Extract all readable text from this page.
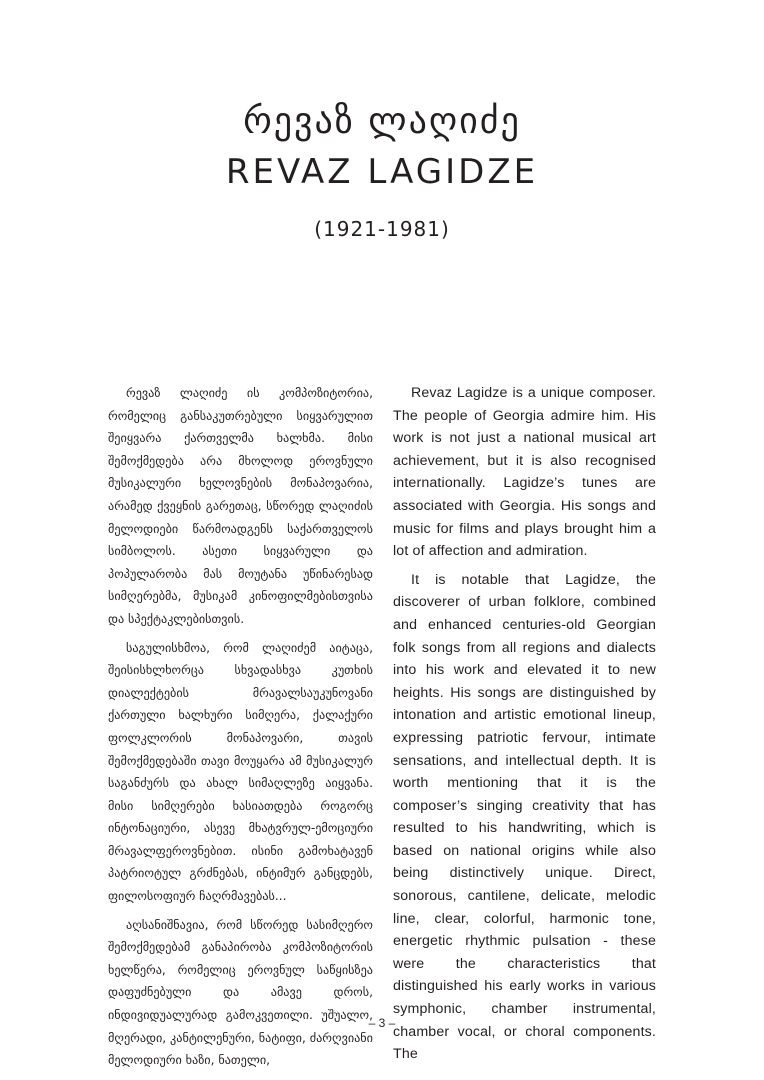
რევაზ ლაღიძე
REVAZ LAGIDZE
(1921-1981)

რევაზ ლაღიძე ის კომპოზიტორია, რომელიც განსაკუთრებული სიყვარულით შეიყვარა ქართველმა ხალხმა. მისი შემოქმედება არა მხოლოდ ეროვნული მუსიკალური ხელოვნების მონაპოვარია, არამედ ქვეყნის გარეთაც, სწორედ ლაღიძის მელოდიები წარმოადგენს საქართველოს სიმბოლოს. ასეთი სიყვარული და პოპულარობა მას მოუტანა უწინარესად სიმღერებმა, მუსიკამ კინოფილმებისთვისა და სპექტაკლებისთვის.

საგულისხმოა, რომ ლაღიძემ აიტაცა, შეისისხლხორცა სხვადასხვა კუთხის დიალექტების მრავალსაუკუნოვანი ქართული ხალხური სიმღერა, ქალაქური ფოლკლორის მონაპოვარი, თავის შემოქმედებაში თავი მოუყარა ამ მუსიკალურ საგანძურს და ახალ სიმაღლეზე აიყვანა. მისი სიმღერები ხასიათდება როგორც ინტონაციური, ასევე მხატვრულ-ემოციური მრავალფეროვნებით. ისინი გამოხატავენ პატრიოტულ გრძნებას, ინტიმურ განცდებს, ფილოსოფიურ ჩაღრმავებას...

აღსანიშნავია, რომ სწორედ სასიმღერო შემოქმედებამ განაპირობა კომპოზიტორის ხელწერა, რომელიც ეროვნულ საწყისზეა დაფუძნებული და ამავე დროს, ინდივიდუალურად გამოკვეთილი. უშუალო, მღერადი, კანტილენური, ნატიფი, ძარღვიანი მელოდიური ხაზი, ნათელი,

Revaz Lagidze is a unique composer. The people of Georgia admire him. His work is not just a national musical art achievement, but it is also recognised internationally. Lagidze’s tunes are associated with Georgia. His songs and music for films and plays brought him a lot of affection and admiration.

It is notable that Lagidze, the discoverer of urban folklore, combined and enhanced centuries-old Georgian folk songs from all regions and dialects into his work and elevated it to new heights. His songs are distinguished by intonation and artistic emotional lineup, expressing patriotic fervour, intimate sensations, and intellectual depth. It is worth mentioning that it is the composer’s singing creativity that has resulted to his handwriting, which is based on national origins while also being distinctively unique. Direct, sonorous, cantilene, delicate, melodic line, clear, colorful, harmonic tone, energetic rhythmic pulsation - these were the characteristics that distinguished his early works in various symphonic, chamber instrumental, chamber vocal, or choral components. The

– 3 –
